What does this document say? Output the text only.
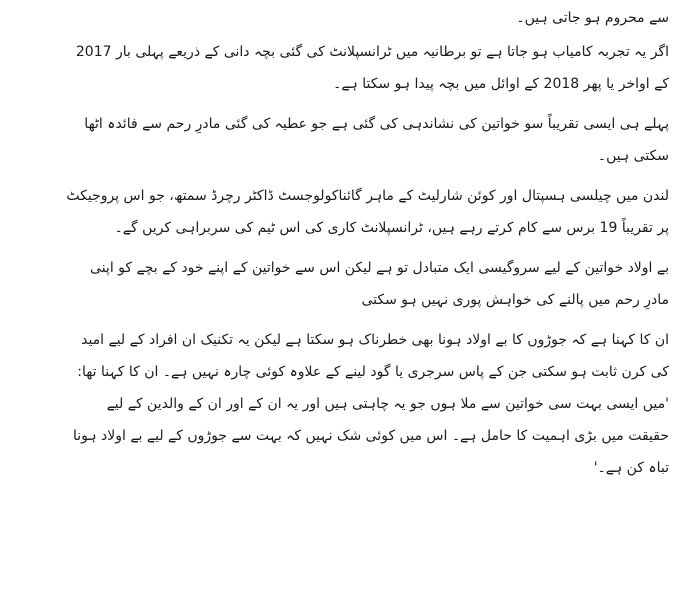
سے محروم ہو جاتی ہیں۔

اگر یہ تجربہ کامیاب ہو جاتا ہے تو برطانیہ میں ٹرانسپلانٹ کی گئی بچہ دانی کے ذریعے پہلی بار 2017 کے اواخر یا پھر 2018 کے اوائل میں بچہ پیدا ہو سکتا ہے۔

پہلے ہی ایسی تقریباً سو خواتین کی نشاندہی کی گئی ہے جو عطیہ کی گئی مادرِ رحم سے فائدہ اٹھا سکتی ہیں۔

لندن میں چیلسی ہسپتال اور کوئن شارلیٹ کے ماہر گائناکولوجسٹ ڈاکٹر رچرڈ سمتھ، جو اس پروجیکٹ پر تقریباً 19 برس سے کام کرتے رہے ہیں، ٹرانسپلانٹ کاری کی اس ٹیم کی سربراہی کریں گے۔

بے اولاد خواتین کے لیے سروگیسی ایک متبادل تو ہے لیکن اس سے خواتین کے اپنے خود کے بچے کو اپنی مادرِ رحم میں پالنے کی خواہش پوری نہیں ہو سکتی

ان کا کہنا ہے کہ جوڑوں کا بے اولاد ہونا بھی خطرناک ہو سکتا ہے لیکن یہ تکنیک ان افراد کے لیے امید کی کرن ثابت ہو سکتی جن کے پاس سرجری یا گود لینے کے علاوہ کوئی چارہ نہیں ہے۔ ان کا کہنا تھا: 'میں ایسی بہت سی خواتین سے ملا ہوں جو یہ چاہتی ہیں اور یہ ان کے اور ان کے والدین کے لیے حقیقت میں بڑی اہمیت کا حامل ہے۔ اس میں کوئی شک نہیں کہ بہت سے جوڑوں کے لیے بے اولاد ہونا تباہ کن ہے۔'
